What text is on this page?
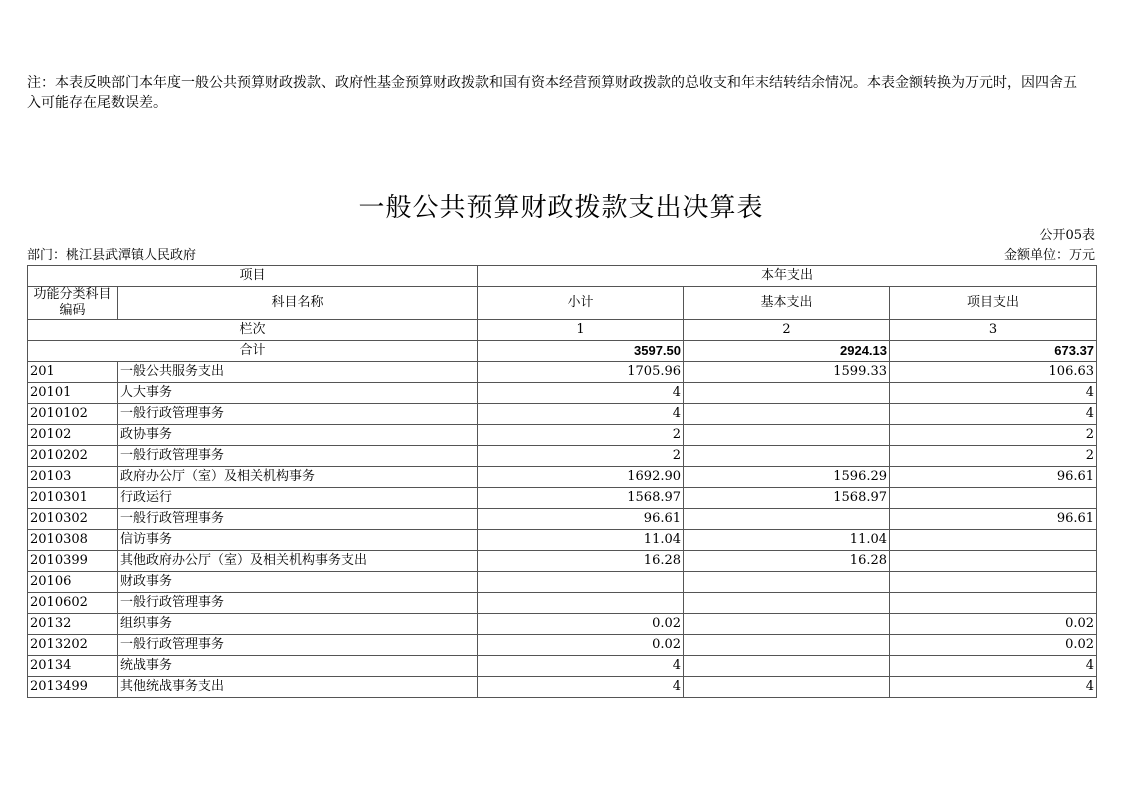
注：本表反映部门本年度一般公共预算财政拨款、政府性基金预算财政拨款和国有资本经营预算财政拨款的总收支和年末结转结余情况。本表金额转换为万元时，因四舍五入可能存在尾数误差。

一般公共预算财政拨款支出决算表
公开05表
部门：桃江县武潭镇人民政府	金额单位：万元
项目		本年支出		
功能分类科目编码	科目名称	小计	基本支出	项目支出
栏次		1	2	3
合计		3597.50	2924.13	673.37
201	一般公共服务支出	1705.96	1599.33	106.63
20101	人大事务	4		4
2010102	一般行政管理事务	4		4
20102	政协事务	2		2
2010202	一般行政管理事务	2		2
20103	政府办公厅（室）及相关机构事务	1692.90	1596.29	96.61
2010301	行政运行	1568.97	1568.97	
2010302	一般行政管理事务	96.61		96.61
2010308	信访事务	11.04	11.04	
2010399	其他政府办公厅（室）及相关机构事务支出	16.28	16.28	
20106	财政事务			
2010602	一般行政管理事务			
20132	组织事务	0.02		0.02
2013202	一般行政管理事务	0.02		0.02
20134	统战事务	4		4
2013499	其他统战事务支出	4		4
